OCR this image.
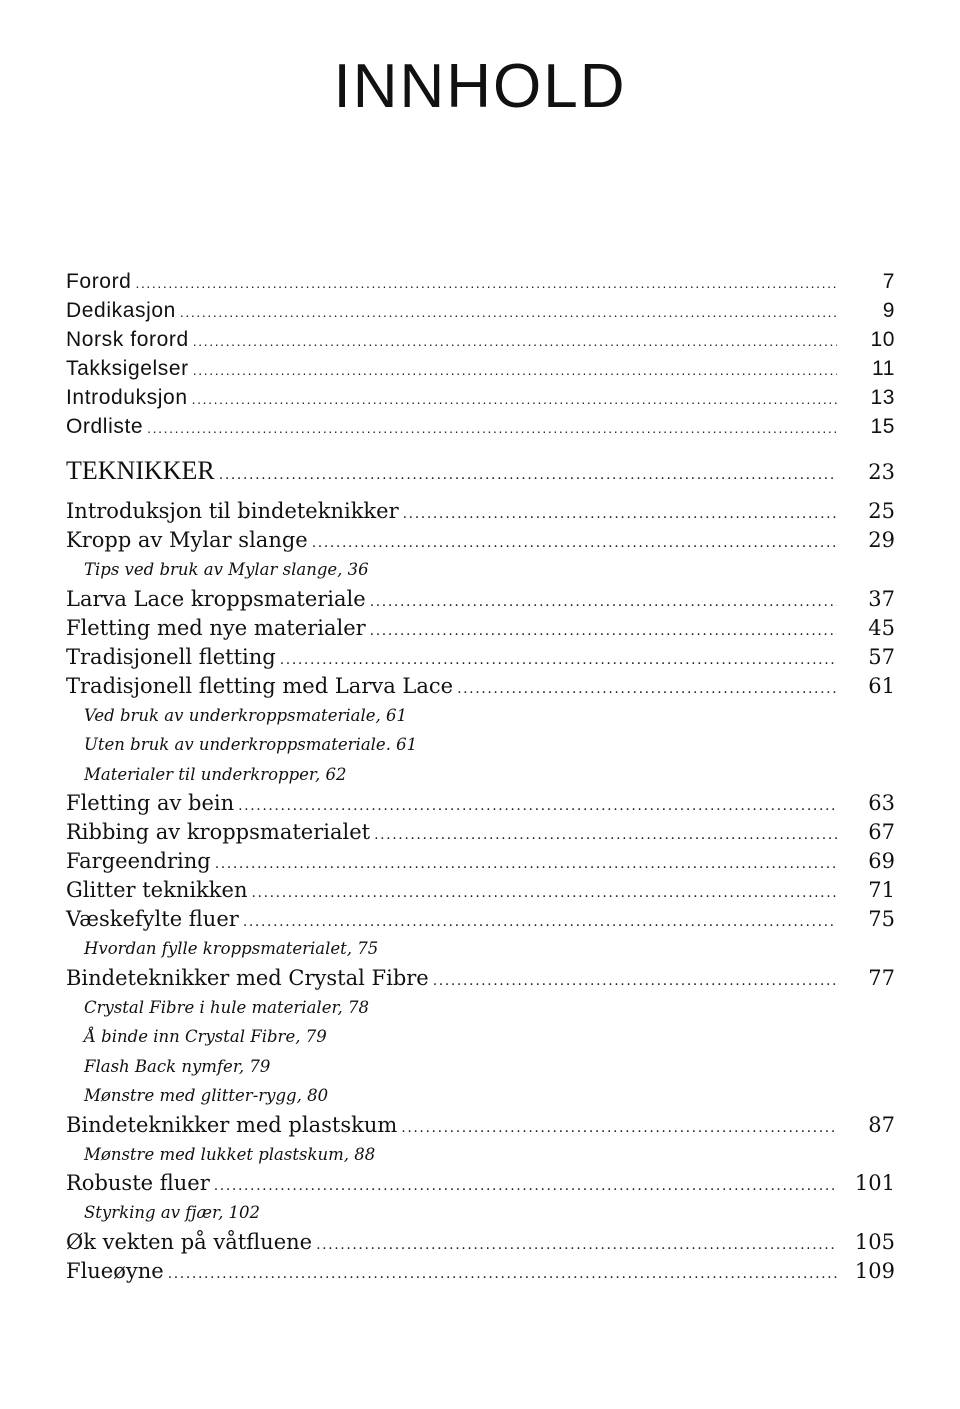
INNHOLD
Forord .....	7
Dedikasjon .....	9
Norsk forord .....	10
Takksigelser .....	11
Introduksjon .....	13
Ordliste .....	15
TEKNIKKER .....	23
Introduksjon til bindeteknikker .....	25
Kropp av Mylar slange .....	29
Tips ved bruk av Mylar slange, 36
Larva Lace kroppsmateriale .....	37
Fletting med nye materialer .....	45
Tradisjonell fletting .....	57
Tradisjonell fletting med Larva Lace .....	61
Ved bruk av underkroppsmateriale, 61
Uten bruk av underkroppsmateriale. 61
Materialer til underkropper, 62
Fletting av bein .....	63
Ribbing av kroppsmaterialet .....	67
Fargeendring .....	69
Glitter teknikken .....	71
Væskefylte fluer .....	75
Hvordan fylle kroppsmaterialet, 75
Bindeteknikker med Crystal Fibre .....	77
Crystal Fibre i hule materialer, 78
Å binde inn Crystal Fibre, 79
Flash Back nymfer, 79
Mønstre med glitter-rygg, 80
Bindeteknikker med plastskum .....	87
Mønstre med lukket plastskum, 88
Robuste fluer .....	101
Styrking av fjær, 102
Øk vekten på våtfluene .....	105
Flueøyne .....	109
